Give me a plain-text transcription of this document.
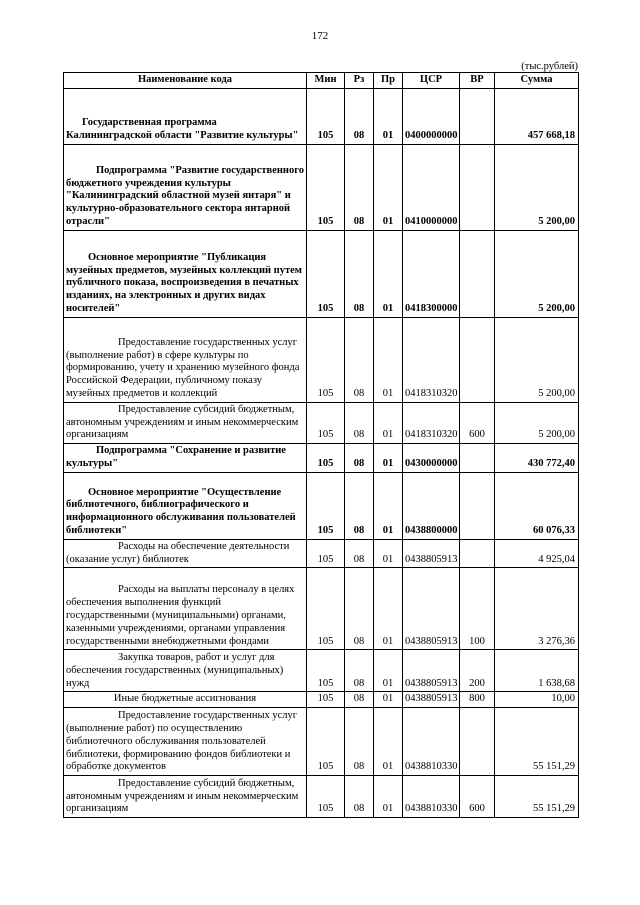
172
(тыс.рублей)
Наименование кода	Мин	Рз	Пр	ЦСР	ВР	Сумма

Государственная программа Калининградской области "Развитие культуры"	105	08	01	0400000000		457 668,18

Подпрограмма "Развитие государственного бюджетного учреждения культуры "Калининградский областной музей янтаря" и культурно-образовательного сектора янтарной отрасли"	105	08	01	0410000000		5 200,00

Основное мероприятие "Публикация музейных предметов, музейных коллекций путем публичного показа, воспроизведения в печатных изданиях, на электронных и других видах носителей"	105	08	01	0418300000		5 200,00

Предоставление государственных услуг (выполнение работ) в сфере культуры по формированию, учету и хранению музейного фонда Российской Федерации, публичному показу музейных предметов и коллекций	105	08	01	0418310320		5 200,00

Предоставление субсидий бюджетным, автономным учреждениям и иным некоммерческим организациям	105	08	01	0418310320	600	5 200,00

Подпрограмма "Сохранение и развитие культуры"	105	08	01	0430000000		430 772,40

Основное мероприятие "Осуществление библиотечного, библиографического и информационного обслуживания пользователей библиотеки"	105	08	01	0438800000		60 076,33

Расходы на обеспечение деятельности (оказание услуг) библиотек	105	08	01	0438805913		4 925,04

Расходы на выплаты персоналу в целях обеспечения выполнения функций государственными (муниципальными) органами, казенными учреждениями, органами управления государственными внебюджетными фондами	105	08	01	0438805913	100	3 276,36

Закупка товаров, работ и услуг для обеспечения государственных (муниципальных) нужд	105	08	01	0438805913	200	1 638,68
Иные бюджетные ассигнования	105	08	01	0438805913	800	10,00

Предоставление государственных услуг (выполнение работ) по осуществлению библиотечного обслуживания пользователей библиотеки, формированию фондов библиотеки и обработке документов	105	08	01	0438810330		55 151,29

Предоставление субсидий бюджетным, автономным учреждениям и иным некоммерческим организациям	105	08	01	0438810330	600	55 151,29
